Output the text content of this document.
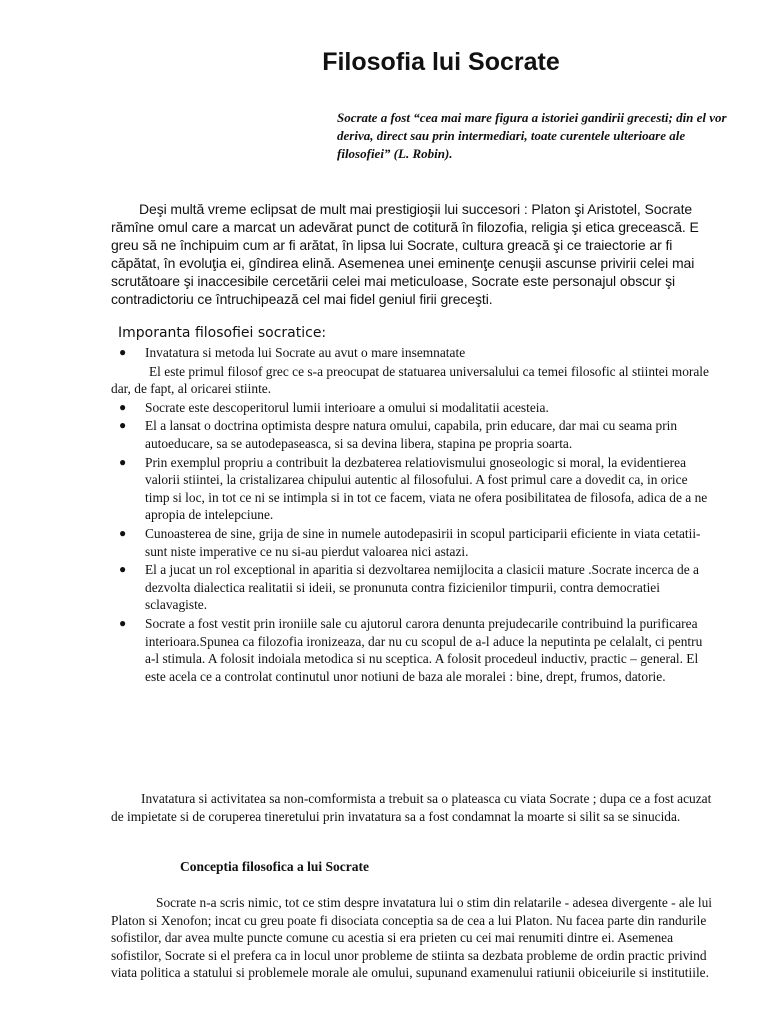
Filosofia lui Socrate

Socrate a fost “cea mai mare figura a istoriei gandirii grecesti; din el vor deriva, direct sau prin intermediari, toate curentele ulterioare ale filosofiei” (L. Robin).

Deşi multă vreme eclipsat de mult mai prestigioşii lui succesori : Platon şi Aristotel, Socrate rămîne omul care a marcat un adevărat punct de cotitură în filozofia, religia şi etica grecească. E greu să ne închipuim cum ar fi arătat, în lipsa lui Socrate, cultura greacă şi ce traiectorie ar fi căpătat, în evoluţia ei, gîndirea elină. Asemenea unei eminenţe cenuşii ascunse privirii celei mai scrutătoare şi inaccesibile cercetării celei mai meticuloase, Socrate este personajul obscur şi contradictoriu ce întruchipează cel mai fidel geniul firii greceşti.

Imporanta filosofiei socratice:
● Invatatura si metoda lui Socrate au avut o mare insemnatate
El este primul filosof grec ce s-a preocupat de statuarea universalului ca temei filosofic al stiintei morale dar, de fapt, al oricarei stiinte.
● Socrate este descoperitorul lumii interioare a omului si modalitatii acesteia.
● El a lansat o doctrina optimista despre natura omului, capabila, prin educare, dar mai cu seama prin autoeducare, sa se autodepaseasca, si sa devina libera, stapina pe propria soarta.
● Prin exemplul propriu a contribuit la dezbaterea relatiovismului gnoseologic si moral, la evidentierea valorii stiintei, la cristalizarea chipului autentic al filosofului. A fost primul care a dovedit ca, in orice timp si loc, in tot ce ni se intimpla si in tot ce facem, viata ne ofera posibilitatea de filosofa, adica de a ne apropia de intelepciune.
● Cunoasterea de sine, grija de sine in numele autodepasirii in scopul participarii eficiente in viata cetatii- sunt niste imperative ce nu si-au pierdut valoarea nici astazi.
● El a jucat un rol exceptional in aparitia si dezvoltarea nemijlocita a clasicii mature .Socrate incerca de a dezvolta dialectica realitatii si ideii, se pronunuta contra fizicienilor timpurii, contra democratiei sclavagiste.
● Socrate a fost vestit prin ironiile sale cu ajutorul carora denunta prejudecarile contribuind la purificarea interioara.Spunea ca filozofia ironizeaza, dar nu cu scopul de a-l aduce la neputinta pe celalalt, ci pentru a-l stimula. A folosit indoiala metodica si nu sceptica. A folosit procedeul inductiv, practic – general. El este acela ce a controlat continutul unor notiuni de baza ale moralei : bine, drept, frumos, datorie.

Invatatura si activitatea sa non-comformista a trebuit sa o plateasca cu viata Socrate ; dupa ce a fost acuzat de impietate si de coruperea tineretului prin invatatura sa a fost condamnat la moarte si silit sa se sinucida.

Conceptia filosofica a lui Socrate

Socrate n-a scris nimic, tot ce stim despre invatatura lui o stim din relatarile - adesea divergente - ale lui Platon si Xenofon; incat cu greu poate fi disociata conceptia sa de cea a lui Platon. Nu facea parte din randurile sofistilor, dar avea multe puncte comune cu acestia si era prieten cu cei mai renumiti dintre ei. Asemenea sofistilor, Socrate si el prefera ca in locul unor probleme de stiinta sa dezbata probleme de ordin practic privind viata politica a statului si problemele morale ale omului, supunand examenului ratiunii obiceiurile si institutiile.
